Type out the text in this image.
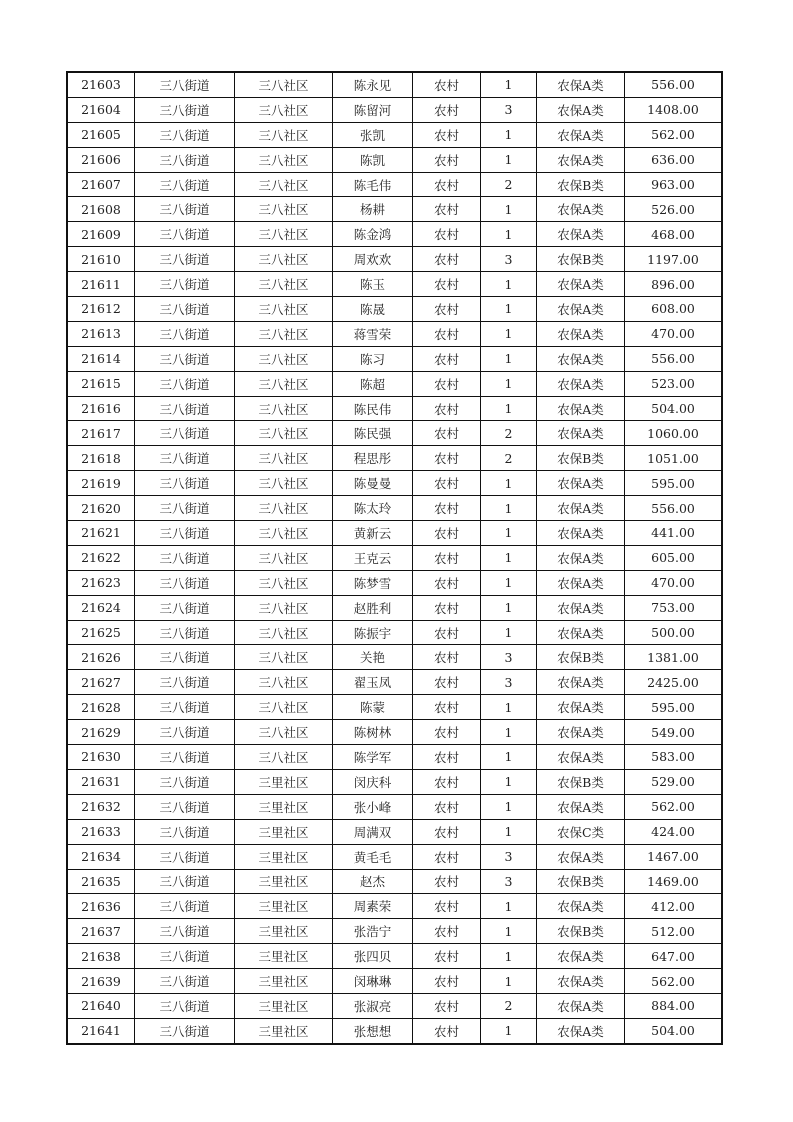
21603	三八街道	三八社区	陈永见	农村	1	农保A类	556.00
21604	三八街道	三八社区	陈留河	农村	3	农保A类	1408.00
21605	三八街道	三八社区	张凯	农村	1	农保A类	562.00
21606	三八街道	三八社区	陈凯	农村	1	农保A类	636.00
21607	三八街道	三八社区	陈毛伟	农村	2	农保B类	963.00
21608	三八街道	三八社区	杨耕	农村	1	农保A类	526.00
21609	三八街道	三八社区	陈金鸿	农村	1	农保A类	468.00
21610	三八街道	三八社区	周欢欢	农村	3	农保B类	1197.00
21611	三八街道	三八社区	陈玉	农村	1	农保A类	896.00
21612	三八街道	三八社区	陈晟	农村	1	农保A类	608.00
21613	三八街道	三八社区	蒋雪荣	农村	1	农保A类	470.00
21614	三八街道	三八社区	陈习	农村	1	农保A类	556.00
21615	三八街道	三八社区	陈超	农村	1	农保A类	523.00
21616	三八街道	三八社区	陈民伟	农村	1	农保A类	504.00
21617	三八街道	三八社区	陈民强	农村	2	农保A类	1060.00
21618	三八街道	三八社区	程思彤	农村	2	农保B类	1051.00
21619	三八街道	三八社区	陈曼曼	农村	1	农保A类	595.00
21620	三八街道	三八社区	陈太玲	农村	1	农保A类	556.00
21621	三八街道	三八社区	黄新云	农村	1	农保A类	441.00
21622	三八街道	三八社区	王克云	农村	1	农保A类	605.00
21623	三八街道	三八社区	陈梦雪	农村	1	农保A类	470.00
21624	三八街道	三八社区	赵胜利	农村	1	农保A类	753.00
21625	三八街道	三八社区	陈振宇	农村	1	农保A类	500.00
21626	三八街道	三八社区	关艳	农村	3	农保B类	1381.00
21627	三八街道	三八社区	翟玉凤	农村	3	农保A类	2425.00
21628	三八街道	三八社区	陈蒙	农村	1	农保A类	595.00
21629	三八街道	三八社区	陈树林	农村	1	农保A类	549.00
21630	三八街道	三八社区	陈学军	农村	1	农保A类	583.00
21631	三八街道	三里社区	闵庆科	农村	1	农保B类	529.00
21632	三八街道	三里社区	张小峰	农村	1	农保A类	562.00
21633	三八街道	三里社区	周满双	农村	1	农保C类	424.00
21634	三八街道	三里社区	黄毛毛	农村	3	农保A类	1467.00
21635	三八街道	三里社区	赵杰	农村	3	农保B类	1469.00
21636	三八街道	三里社区	周素荣	农村	1	农保A类	412.00
21637	三八街道	三里社区	张浩宁	农村	1	农保B类	512.00
21638	三八街道	三里社区	张四贝	农村	1	农保A类	647.00
21639	三八街道	三里社区	闵琳琳	农村	1	农保A类	562.00
21640	三八街道	三里社区	张淑亮	农村	2	农保A类	884.00
21641	三八街道	三里社区	张想想	农村	1	农保A类	504.00
